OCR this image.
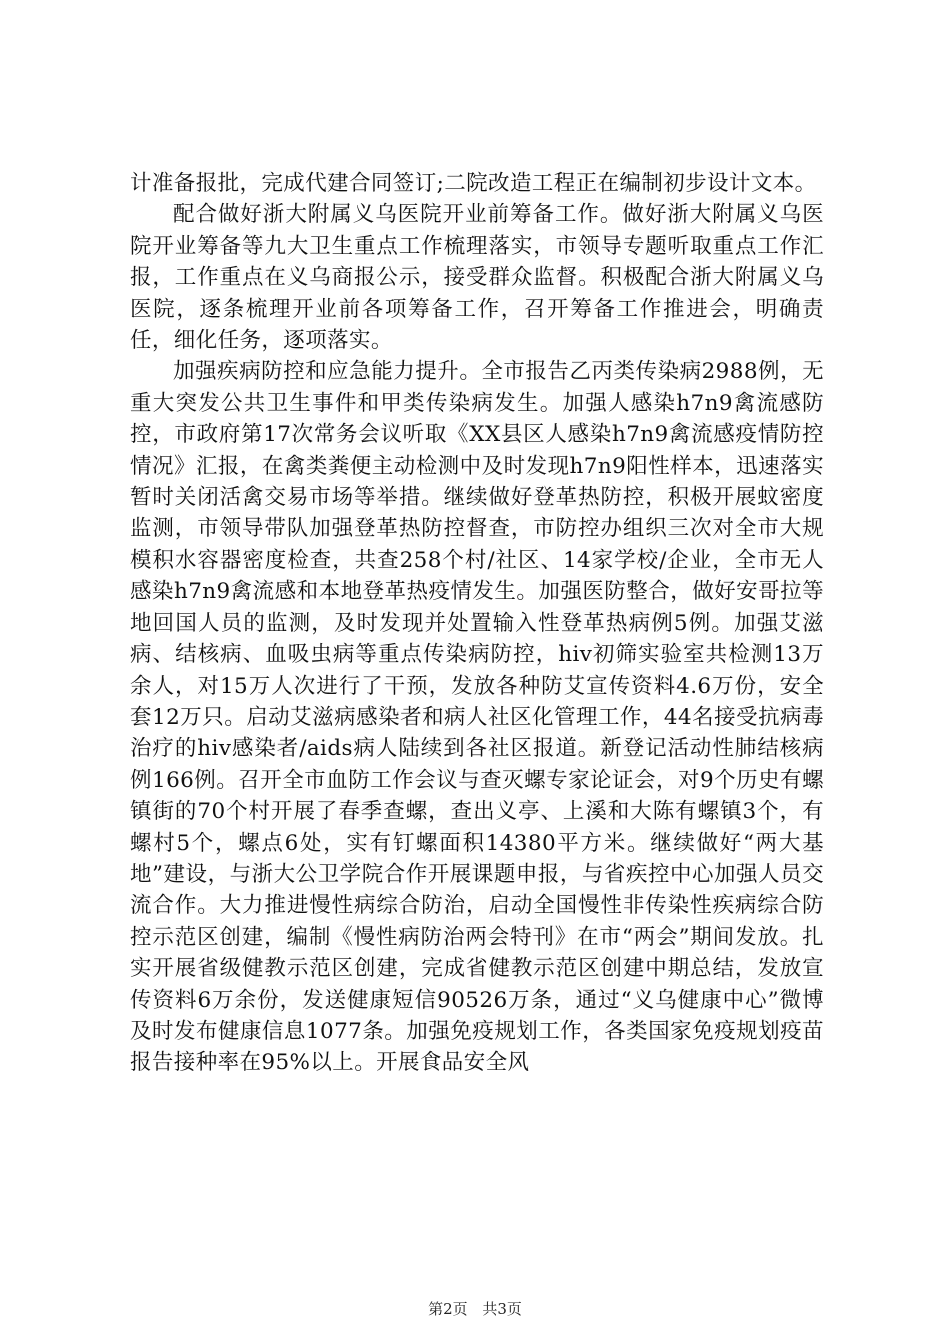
计准备报批，完成代建合同签订;二院改造工程正在编制初步设计文本。

配合做好浙大附属义乌医院开业前筹备工作。做好浙大附属义乌医院开业筹备等九大卫生重点工作梳理落实，市领导专题听取重点工作汇报，工作重点在义乌商报公示，接受群众监督。积极配合浙大附属义乌医院，逐条梳理开业前各项筹备工作，召开筹备工作推进会，明确责任，细化任务，逐项落实。

加强疾病防控和应急能力提升。全市报告乙丙类传染病2988例，无重大突发公共卫生事件和甲类传染病发生。加强人感染h7n9禽流感防控，市政府第17次常务会议听取《XX县区人感染h7n9禽流感疫情防控情况》汇报，在禽类粪便主动检测中及时发现h7n9阳性样本，迅速落实暂时关闭活禽交易市场等举措。继续做好登革热防控，积极开展蚊密度监测，市领导带队加强登革热防控督查，市防控办组织三次对全市大规模积水容器密度检查，共查258个村/社区、14家学校/企业，全市无人感染h7n9禽流感和本地登革热疫情发生。加强医防整合，做好安哥拉等地回国人员的监测，及时发现并处置输入性登革热病例5例。加强艾滋病、结核病、血吸虫病等重点传染病防控，hiv初筛实验室共检测13万余人，对15万人次进行了干预，发放各种防艾宣传资料4.6万份，安全套12万只。启动艾滋病感染者和病人社区化管理工作，44名接受抗病毒治疗的hiv感染者/aids病人陆续到各社区报道。新登记活动性肺结核病例166例。召开全市血防工作会议与查灭螺专家论证会，对9个历史有螺镇街的70个村开展了春季查螺，查出义亭、上溪和大陈有螺镇3个，有螺村5个，螺点6处，实有钉螺面积14380平方米。继续做好“两大基地”建设，与浙大公卫学院合作开展课题申报，与省疾控中心加强人员交流合作。大力推进慢性病综合防治，启动全国慢性非传染性疾病综合防控示范区创建，编制《慢性病防治两会特刊》在市“两会”期间发放。扎实开展省级健教示范区创建，完成省健教示范区创建中期总结，发放宣传资料6万余份，发送健康短信90526万条，通过“义乌健康中心”微博及时发布健康信息1077条。加强免疫规划工作，各类国家免疫规划疫苗报告接种率在95%以上。开展食品安全风

第2页 共3页
